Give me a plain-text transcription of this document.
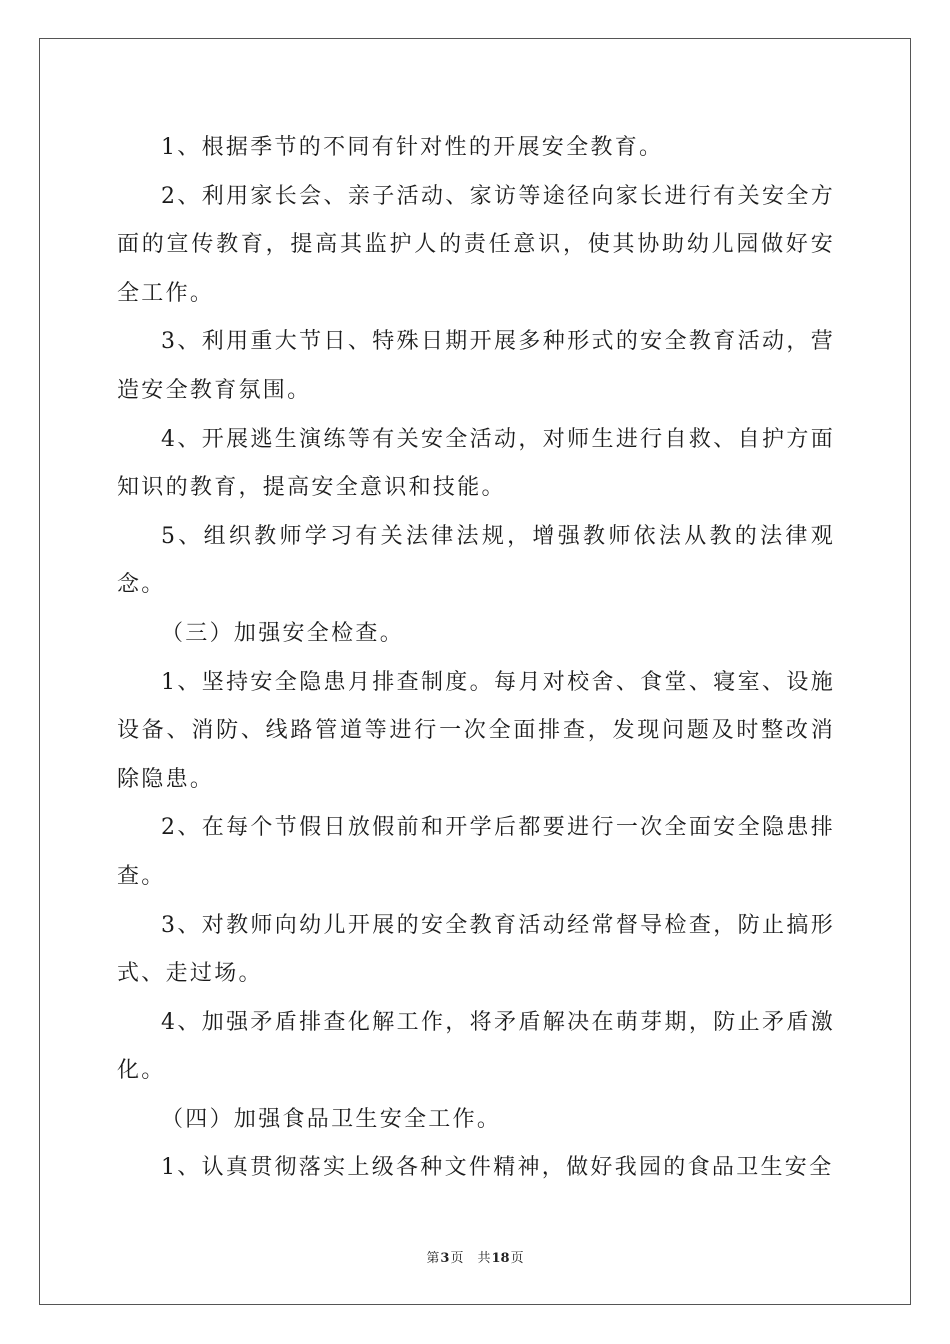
1、根据季节的不同有针对性的开展安全教育。

2、利用家长会、亲子活动、家访等途径向家长进行有关安全方面的宣传教育，提高其监护人的责任意识，使其协助幼儿园做好安全工作。

3、利用重大节日、特殊日期开展多种形式的安全教育活动，营造安全教育氛围。

4、开展逃生演练等有关安全活动，对师生进行自救、自护方面知识的教育，提高安全意识和技能。

5、组织教师学习有关法律法规，增强教师依法从教的法律观念。

（三）加强安全检查。

1、坚持安全隐患月排查制度。每月对校舍、食堂、寝室、设施设备、消防、线路管道等进行一次全面排查，发现问题及时整改消除隐患。

2、在每个节假日放假前和开学后都要进行一次全面安全隐患排查。

3、对教师向幼儿开展的安全教育活动经常督导检查，防止搞形式、走过场。

4、加强矛盾排查化解工作，将矛盾解决在萌芽期，防止矛盾激化。

（四）加强食品卫生安全工作。

1、认真贯彻落实上级各种文件精神，做好我园的食品卫生安全

第3页 共18页
